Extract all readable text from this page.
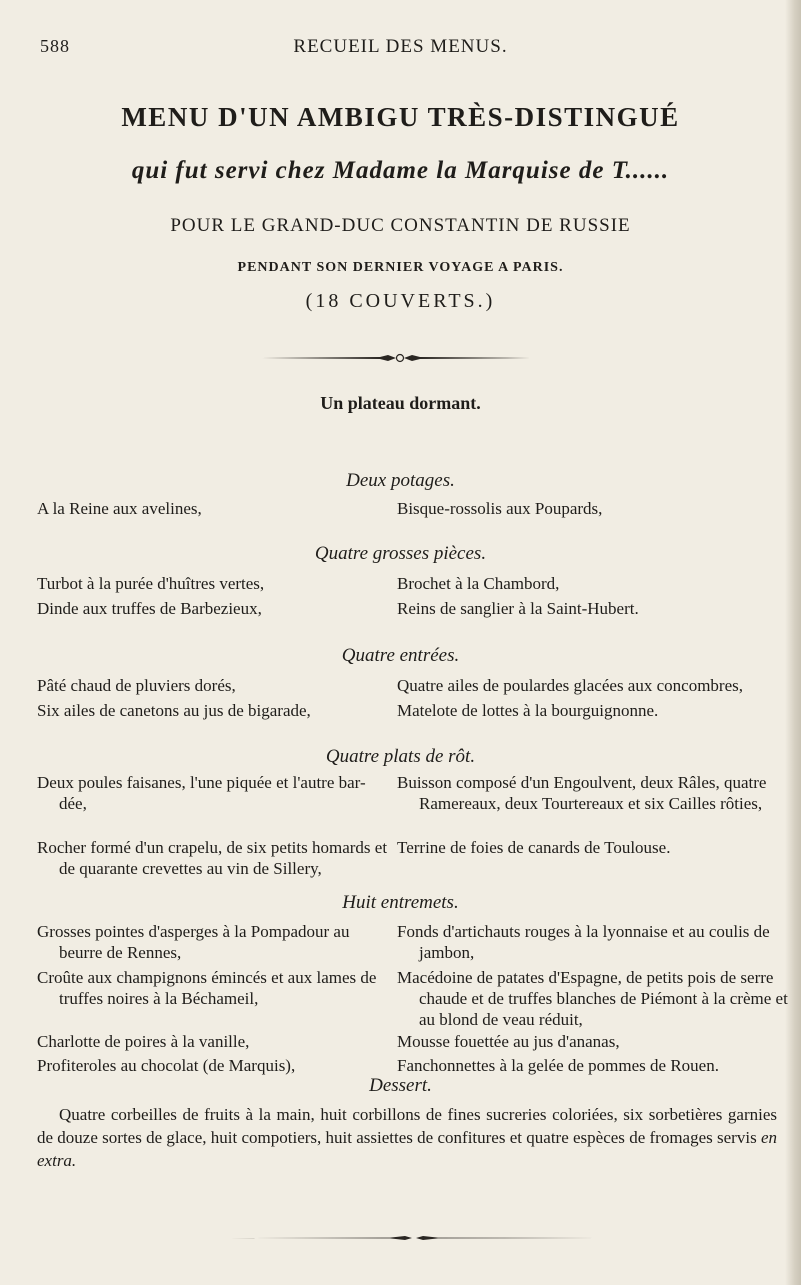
588	RECUEIL DES MENUS.
MENU D'UN AMBIGU TRÈS-DISTINGUÉ
qui fut servi chez Madame la Marquise de T......
POUR LE GRAND-DUC CONSTANTIN DE RUSSIE
PENDANT SON DERNIER VOYAGE A PARIS.
(18 COUVERTS.)
Un plateau dormant.
Deux potages.
A la Reine aux avelines,	Bisque-rossolis aux Poupards,
Quatre grosses pièces.
Turbot à la purée d'huîtres vertes,
Dinde aux truffes de Barbezieux,
Brochet à la Chambord,
Reins de sanglier à la Saint-Hubert.
Quatre entrées.
Pâté chaud de pluviers dorés,
Six ailes de canetons au jus de bigarade,
Quatre ailes de poulardes glacées aux concombres,
Matelote de lottes à la bourguignonne.
Quatre plats de rôt.
Deux poules faisanes, l'une piquée et l'autre bar-dée,
Rocher formé d'un crapelu, de six petits homards et de quarante crevettes au vin de Sillery,
Buisson composé d'un Engoulvent, deux Râles, quatre Ramereaux, deux Tourtereaux et six Cailles rôties,
Terrine de foies de canards de Toulouse.
Huit entremets.
Grosses pointes d'asperges à la Pompadour au beurre de Rennes,
Croûte aux champignons émincés et aux lames de truffes noires à la Béchameil,
Charlotte de poires à la vanille,
Profiteroles au chocolat (de Marquis),
Fonds d'artichauts rouges à la lyonnaise et au coulis de jambon,
Macédoine de patates d'Espagne, de petits pois de serre chaude et de truffes blanches de Piémont à la crème et au blond de veau réduit,
Mousse fouettée au jus d'ananas,
Fanchonnettes à la gelée de pommes de Rouen.
Dessert.
Quatre corbeilles de fruits à la main, huit corbillons de fines sucreries coloriées, six sorbetières garnies de douze sortes de glace, huit compotiers, huit assiettes de confitures et quatre espèces de fromages servis en extra.
